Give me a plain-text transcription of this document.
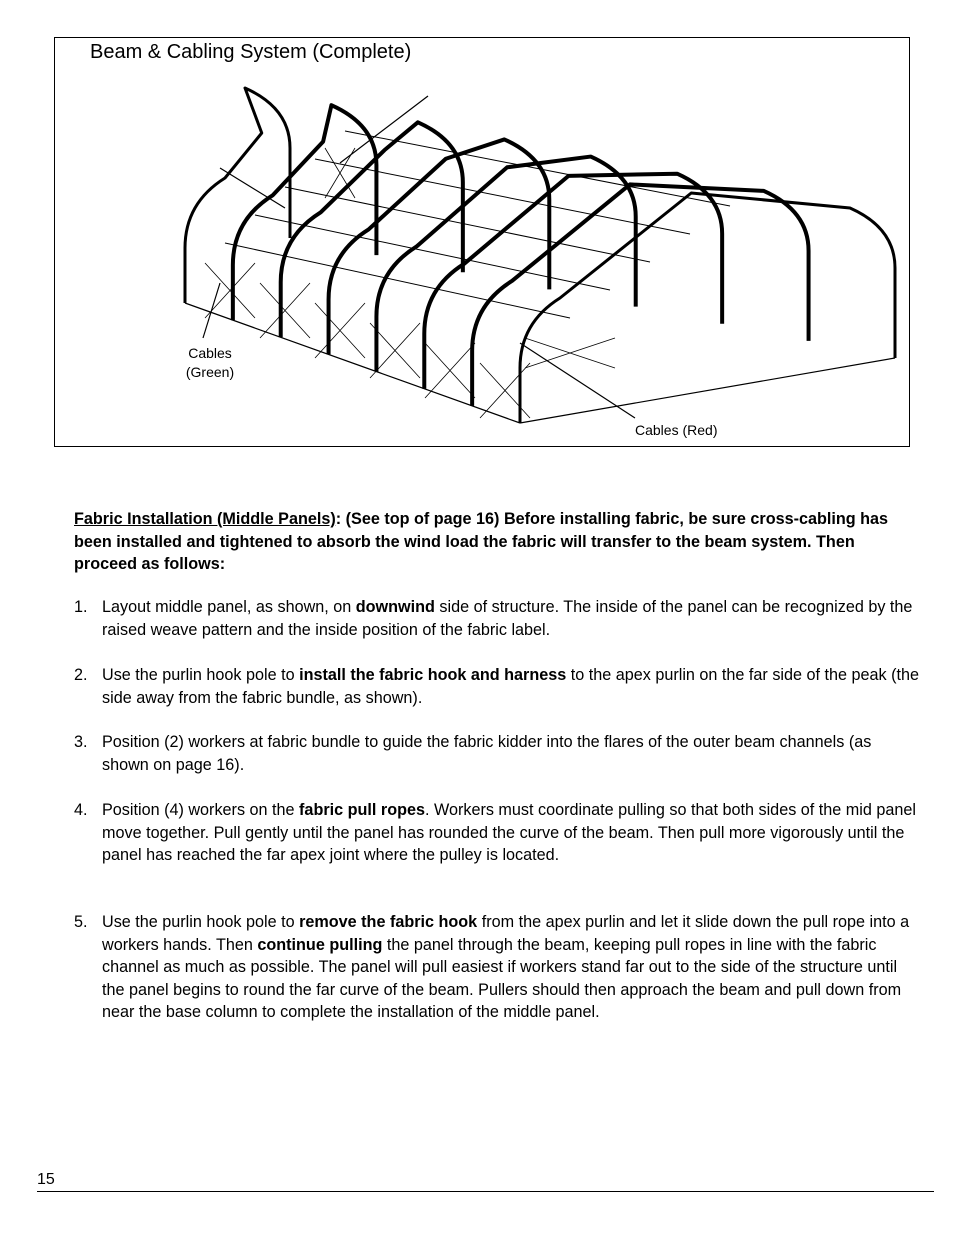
Beam & Cabling System (Complete)
Cables
(Green)
Cables (Red)
Fabric Installation (Middle Panels): (See top of page 16) Before installing fabric, be sure cross-cabling has been installed and tightened to absorb the wind load the fabric will transfer to the beam system. Then proceed as follows:
1. Layout middle panel, as shown, on downwind side of structure. The inside of the panel can be recognized by the raised weave pattern and the inside position of the fabric label.
2. Use the purlin hook pole to install the fabric hook and harness to the apex purlin on the far side of the peak (the side away from the fabric bundle, as shown).
3. Position (2) workers at fabric bundle to guide the fabric kidder into the flares of the outer beam channels (as shown on page 16).
4. Position (4) workers on the fabric pull ropes. Workers must coordinate pulling so that both sides of the mid panel move together. Pull gently until the panel has rounded the curve of the beam. Then pull more vigorously until the panel has reached the far apex joint where the pulley is located.
5. Use the purlin hook pole to remove the fabric hook from the apex purlin and let it slide down the pull rope into a workers hands. Then continue pulling the panel through the beam, keeping pull ropes in line with the fabric channel as much as possible. The panel will pull easiest if workers stand far out to the side of the structure until the panel begins to round the far curve of the beam. Pullers should then approach the beam and pull down from near the base column to complete the installation of the middle panel.
15
